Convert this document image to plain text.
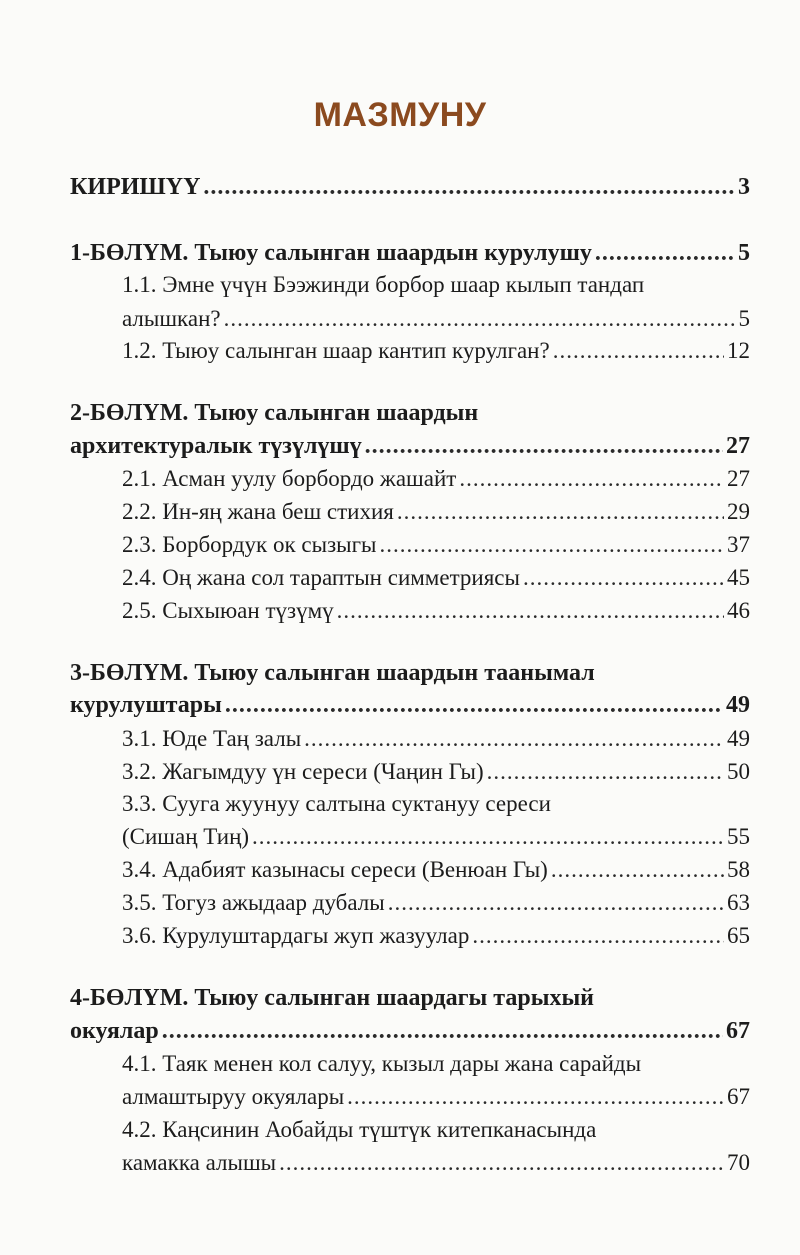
МАЗМУНУ
КИРИШҮҮ .....	3
1-БӨЛҮМ. Тыюу салынган шаардын курулушу .....	5
1.1. Эмне үчүн Бээжинди борбор шаар кылып тандап
алышкан? .....	5
1.2. Тыюу салынган шаар кантип курулган? .....	12
2-БӨЛҮМ. Тыюу салынган шаардын
архитектуралык түзүлүшү .....	27
2.1. Асман уулу борбордо жашайт .....	27
2.2. Ин-яң жана беш стихия .....	29
2.3. Борбордук ок сызыгы .....	37
2.4. Оң жана сол тараптын симметриясы .....	45
2.5. Сыхыюан түзүмү .....	46
3-БӨЛҮМ. Тыюу салынган шаардын таанымал
курулуштары .....	49
3.1. Юде Таң залы .....	49
3.2. Жагымдуу үн сереси (Чаңин Гы) .....	50
3.3. Сууга жуунуу салтына суктануу сереси
(Сишаң Тиң) .....	55
3.4. Адабият казынасы сереси (Венюан Гы) .....	58
3.5. Тогуз ажыдаар дубалы .....	63
3.6. Курулуштардагы жуп жазуулар .....	65
4-БӨЛҮМ. Тыюу салынган шаардагы тарыхый
окуялар .....	67
4.1. Таяк менен кол салуу, кызыл дары жана сарайды
алмаштыруу окуялары .....	67
4.2. Каңсинин Аобайды түштүк китепканасында
камакка алышы .....	70
